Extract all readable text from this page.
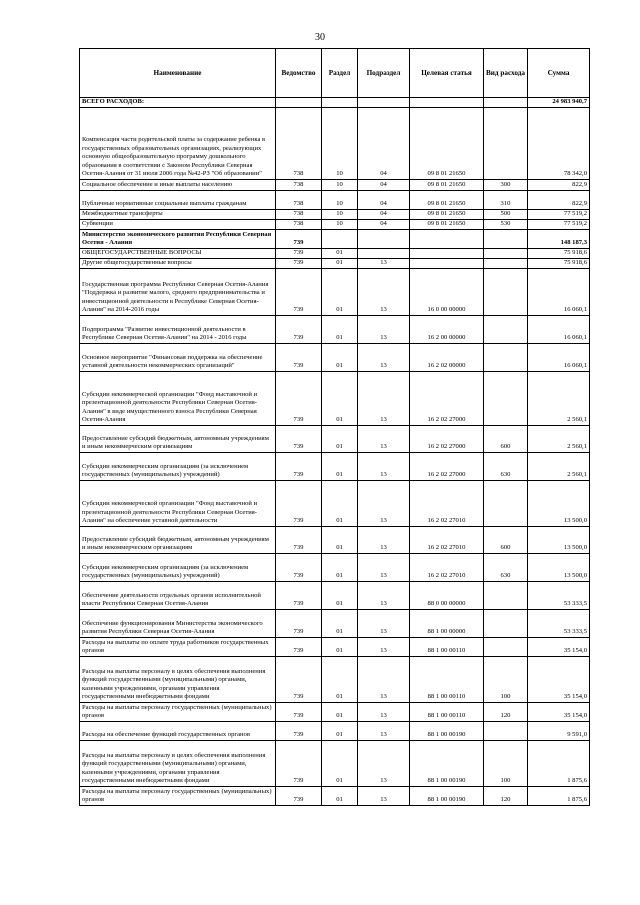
30
Наименование	Ведомство	Раздел	Подраздел	Целевая статья	Вид расхода	Сумма
ВСЕГО РАСХОДОВ:						24 983 940,7
Компенсация части родительской платы за содержание ребенка в государственных образовательных организациях, реализующих основную общеобразовательную программу дошкольного образования в соответствии с Законом Республики Северная Осетия-Алания от 31 июля 2006 года №42-РЗ "Об образовании"	738	10	04	09 8 01 21650		78 342,0
Социальное обеспечение и иные выплаты населению	738	10	04	09 8 01 21650	300	822,9
Публичные нормативные социальные выплаты гражданам	738	10	04	09 8 01 21650	310	822,9
Межбюджетные трансферты	738	10	04	09 8 01 21650	500	77 519,2
Субвенции	738	10	04	09 8 01 21650	530	77 519,2
Министерство экономического развития Республики Северная Осетия - Алания	739					148 187,3
ОБЩЕГОСУДАРСТВЕННЫЕ ВОПРОСЫ	739	01				75 918,6
Другие общегосударственные вопросы	739	01	13			75 918,6
Государственная программа Республики Северная Осетия-Алания "Поддержка и развитие малого, среднего предпринимательства и инвестиционной деятельности в Республике Северная Осетия-Алания" на 2014-2016 годы	739	01	13	16 0 00 00000		16 060,1
Подпрограмма "Развитие инвестиционной деятельности в Республике Северная Осетия-Алания" на 2014 - 2016 годы	739	01	13	16 2 00 00000		16 060,1
Основное мероприятие "Финансовая поддержка на обеспечение уставной деятельности некоммерческих организаций"	739	01	13	16 2 02 00000		16 060,1
Субсидии некоммерческой организации "Фонд выставочной и презентационной деятельности Республики Северная Осетия-Алания" в виде имущественного взноса Республики Северная Осетия-Алания	739	01	13	16 2 02 27000		2 560,1
Предоставление субсидий бюджетным, автономным учреждениям и иным некоммерческим организациям	739	01	13	16 2 02 27000	600	2 560,1
Субсидии некоммерческим организациям (за исключением государственных (муниципальных) учреждений)	739	01	13	16 2 02 27000	630	2 560,1
Субсидии некоммерческой организации "Фонд выставочной и презентационной деятельности Республики Северная Осетия-Алания" на обеспечение уставной деятельности	739	01	13	16 2 02 27010		13 500,0
Предоставление субсидий бюджетным, автономным учреждениям и иным некоммерческим организациям	739	01	13	16 2 02 27010	600	13 500,0
Субсидии некоммерческим организациям (за исключением государственных (муниципальных) учреждений)	739	01	13	16 2 02 27010	630	13 500,0
Обеспечение деятельности отдельных органов исполнительной власти Республики Северная Осетия-Алания	739	01	13	88 0 00 00000		53 333,5
Обеспечение функционирования Министерства экономического развития Республики Северная Осетия-Алания	739	01	13	88 1 00 00000		53 333,5
Расходы на выплаты по оплате труда работников государственных органов	739	01	13	88 1 00 00110		35 154,0
Расходы на выплаты персоналу в целях обеспечения выполнения функций государственными (муниципальными) органами, казенными учреждениями, органами управления государственными внебюджетными фондами	739	01	13	88 1 00 00110	100	35 154,0
Расходы на выплаты персоналу государственных (муниципальных) органов	739	01	13	88 1 00 00110	120	35 154,0
Расходы на обеспечение функций государственных органов	739	01	13	88 1 00 00190		9 591,0
Расходы на выплаты персоналу в целях обеспечения выполнения функций государственными (муниципальными) органами, казенными учреждениями, органами управления государственными внебюджетными фондами	739	01	13	88 1 00 00190	100	1 875,6
Расходы на выплаты персоналу государственных (муниципальных) органов	739	01	13	88 1 00 00190	120	1 875,6
